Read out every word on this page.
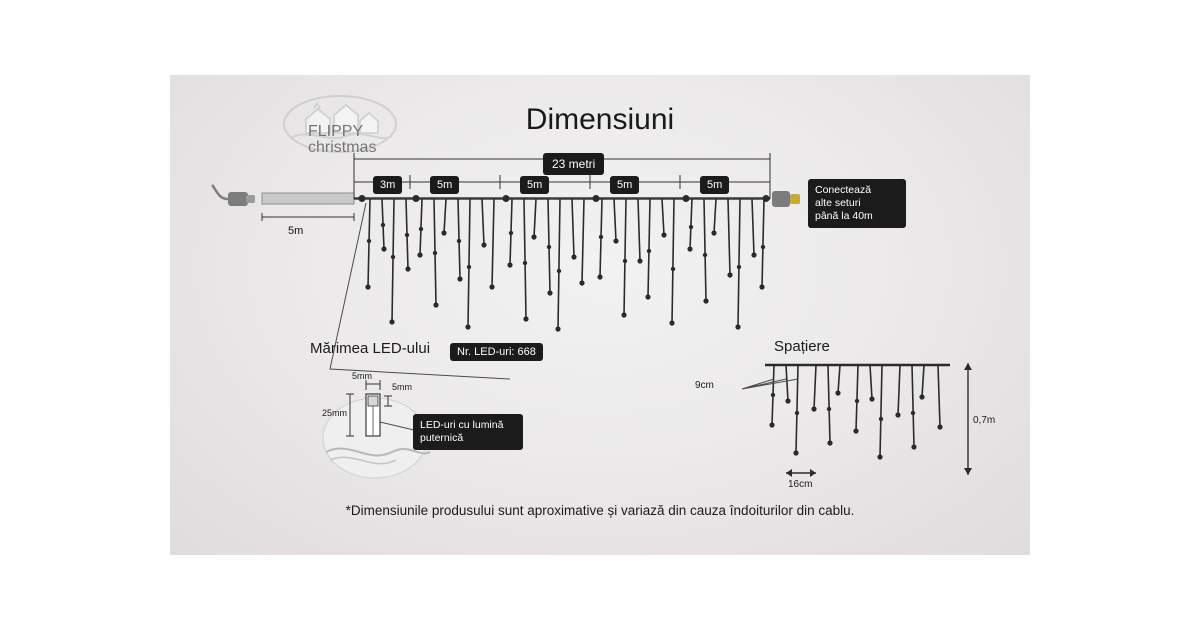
FLIPPY
christmas
Dimensiuni
23 metri
3m	5m	5m	5m	5m
5m
Conectează
alte seturi
până la 40m
Nr. LED-uri: 668
Mărimea LED-ului
5mm
5mm
25mm
LED-uri cu lumină
puternică
Spațiere
9cm
16cm
0,7m
*Dimensiunile produsului sunt aproximative și variază din cauza îndoiturilor din cablu.
